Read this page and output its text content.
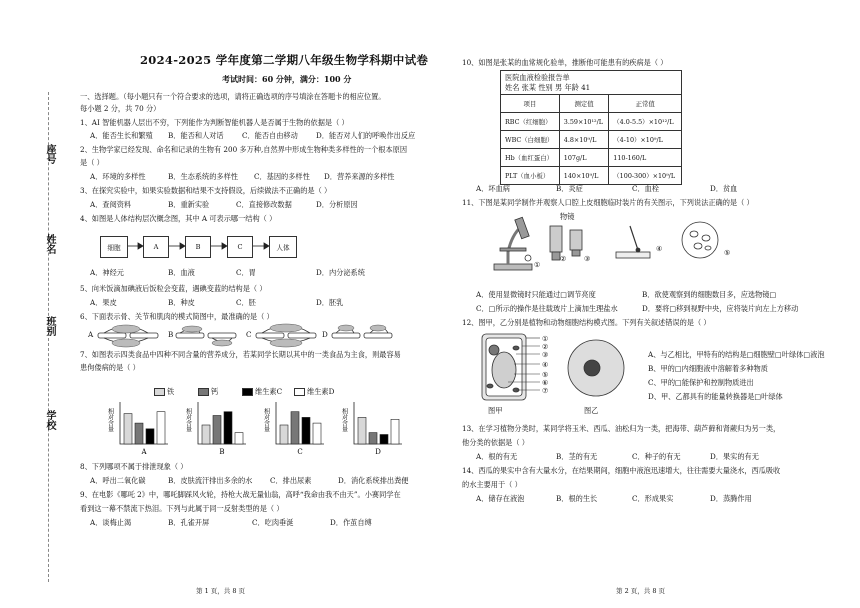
2024-2025 学年度第二学期八年级生物学科期中试卷
考试时间：60 分钟，满分：100 分
座号
姓名
班别
学校
一、选择题。（每小题只有一个符合要求的选项，请将正确选项的序号填涂在答题卡的相应位置。
每小题 2 分，共 70 分）
1、AI 智能机器人层出不穷，下列能作为判断智能机器人是否属于生物的依据是（ ）
A．能否生长和繁殖 B．能否和人对话	C．能否自由移动	D．能否对人们的呼唤作出反应
2、生物学家已经发现、命名和记录的生物有 200 多万种,自然界中形成生物种类多样性的一个根本原因
是（ ）
A．环境的多样性	B．生态系统的多样性 C．基因的多样性 D．营养来源的多样性
3、在探究实验中，如果实验数据和结果不支持假设，后续做法不正确的是（ ）
A．查阅资料	B．重新实验	C．直接修改数据	D．分析原因
4、如图是人体结构层次概念图，其中 A 可表示哪一结构（ ）
细胞	A	B	C	人体
A．神经元	B．血液	C．胃	D．内分泌系统
5、向米饭滴加碘液后饭粒会变蓝，遇碘变蓝的结构是（ ）
A．果皮	B．种皮	C．胚	D．胚乳
6、下面表示骨、关节和肌肉的模式简图中，最准确的是（ ）
A	B	C	D
7、如图表示四类食品中四种不同含量的营养成分，若某同学长期以其中的一类食品为主食，则最容易
患佝偻病的是（ ）
铁	钙	维生素C	维生素D
相对含量
A
相对含量
B
相对含量
C
相对含量
D
8、下列哪项不属于排泄现象（ ）
A．呼出二氧化碳	B．皮肤流汗排出多余的水 C．排出尿素	D．消化系统排出粪便
9、在电影《哪吒 2》中，哪吒脚踩风火轮，持枪大战无量仙翁，高呼“我命由我不由天”。小赛同学在
看到这一幕不禁流下热泪。下列与此属于同一反射类型的是（ ）
A．谈梅止渴	B．孔雀开屏	C．吃肉垂涎	D．作茧自缚
第 1 页，共 8 页
10、如图是张某的血常规化验单，推断他可能患有的疾病是（ ）
医院血液检验报告单
姓名 张某 性别 男 年龄 41
项目	测定值	正常值
RBC（红细胞）	3.59×10¹²/L	（4.0-5.5）×10¹²/L
WBC（白细胞）	4.8×10⁹/L	（4-10）×10⁹/L
Hb（血红蛋白）	107g/L	110-160/L
PLT（血小板）	140×10⁹/L	（100-300）×10⁹/L
A．坏血病	B．炎症	C．血栓	D．贫血
11、下图是某同学制作并观察人口腔上皮细胞临时装片的有关图示，下列说法正确的是（ ）
物镜
①
② ③
④	⑤
A．使用显微镜时只能通过□调节亮度	B．欲使观察到的细胞数目多，应选物镜□
C．□所示的操作是往载玻片上滴加生理盐水	D．要将□移到视野中央，应将装片向左上方移动
12、图甲，乙分别是植物和动物细胞结构模式图。下列有关叙述错误的是（ ）
①
②
③
④
⑤
⑥
⑦
图甲	图乙
A、与乙相比，甲特有的结构是□细胞壁□叶绿体□液泡
B、甲的□内细胞液中溶解着多种物质
C、甲的□能保护和控制物质进出
D、甲、乙都具有的能量转换器是□叶绿体
13、在学习植物分类时，某同学将玉米、西瓜、油松归为一类，把海带、葫芦藓和肾蕨归为另一类，
他分类的依据是（ ）
A．根的有无	B．茎的有无	C．种子的有无	D．果实的有无
14、西瓜的果实中含有大量水分，在结果期间，细胞中液泡迅速增大，往往需要大量浇水，西瓜吸收
的水主要用于（ ）
A．储存在液泡	B．根的生长	C．形成果实	D．蒸腾作用
第 2 页，共 8 页
